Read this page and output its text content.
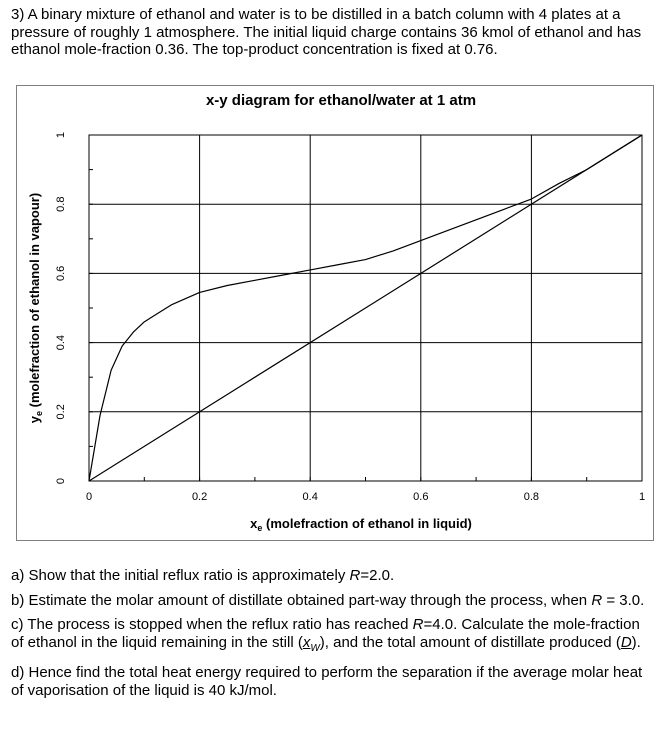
3) A binary mixture of ethanol and water is to be distilled in a batch column with 4 plates at a pressure of roughly 1 atmosphere. The initial liquid charge contains 36 kmol of ethanol and has ethanol mole-fraction 0.36. The top-product concentration is fixed at 0.76.
x-y diagram for ethanol/water at 1 atm
0	0.2	0.4	0.6	0.8	1
0
0.2
0.4
0.6
0.8
1
$x_e$ (molefraction of ethanol in liquid)
$y_e$ (molefraction of ethanol in vapour)

a) Show that the initial reflux ratio is approximately R=2.0.

b) Estimate the molar amount of distillate obtained part-way through the process, when R = 3.0.

c) The process is stopped when the reflux ratio has reached R=4.0. Calculate the mole-fraction of ethanol in the liquid remaining in the still $(x_W)$, and the total amount of distillate produced (D).

d) Hence find the total heat energy required to perform the separation if the average molar heat of vaporisation of the liquid is 40 kJ/mol.
